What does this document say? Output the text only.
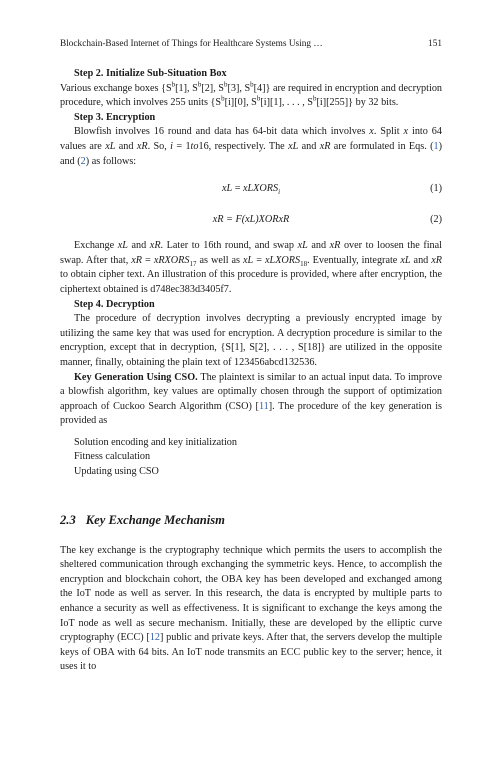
Blockchain-Based Internet of Things for Healthcare Systems Using …	151

Step 2. Initialize Sub-Situation Box

Various exchange boxes {$S^b[1]$, $S^b[2]$, $S^b[3]$, $S^b[4]$} are required in encryption and decryption procedure, which involves 255 units {$S^b[i][0]$, $S^b[i][1]$, . . . , $S^b[i][255]$} by 32 bits.

Step 3. Encryption

Blowfish involves 16 round and data has 64-bit data which involves x. Split x into 64 values are xL and xR. So, i = 1to16, respectively. The xL and xR are formulated in Eqs. (1) and (2) as follows:

xL = xLXORS$_i$	(1)
xR = F(xL)XORxR	(2)

Exchange xL and xR. Later to 16th round, and swap xL and xR over to loosen the final swap. After that, xR = xRXORS$_{17}$ as well as xL = xLXORS$_{18}$. Eventually, integrate xL and xR to obtain cipher text. An illustration of this procedure is provided, where after encryption, the ciphertext obtained is d748ec383d3405f7.

Step 4. Decryption

The procedure of decryption involves decrypting a previously encrypted image by utilizing the same key that was used for encryption. A decryption procedure is similar to the encryption, except that in decryption, {S[1], S[2], . . . , S[18]} are utilized in the opposite manner, finally, obtaining the plain text of 123456abcd132536.

Key Generation Using CSO. The plaintext is similar to an actual input data. To improve a blowfish algorithm, key values are optimally chosen through the support of optimization approach of Cuckoo Search Algorithm (CSO) [11]. The procedure of the key generation is provided as

Solution encoding and key initialization
Fitness calculation
Updating using CSO

2.3 Key Exchange Mechanism

The key exchange is the cryptography technique which permits the users to accomplish the sheltered communication through exchanging the symmetric keys. Hence, to accomplish the encryption and blockchain cohort, the OBA key has been developed and exchanged among the IoT node as well as server. In this research, the data is encrypted by multiple parts to enhance a security as well as effectiveness. It is significant to exchange the keys among the IoT node as well as secure mechanism. Initially, these are developed by the elliptic curve cryptography (ECC) [12] public and private keys. After that, the servers develop the multiple keys of OBA with 64 bits. An IoT node transmits an ECC public key to the server; hence, it uses it to
